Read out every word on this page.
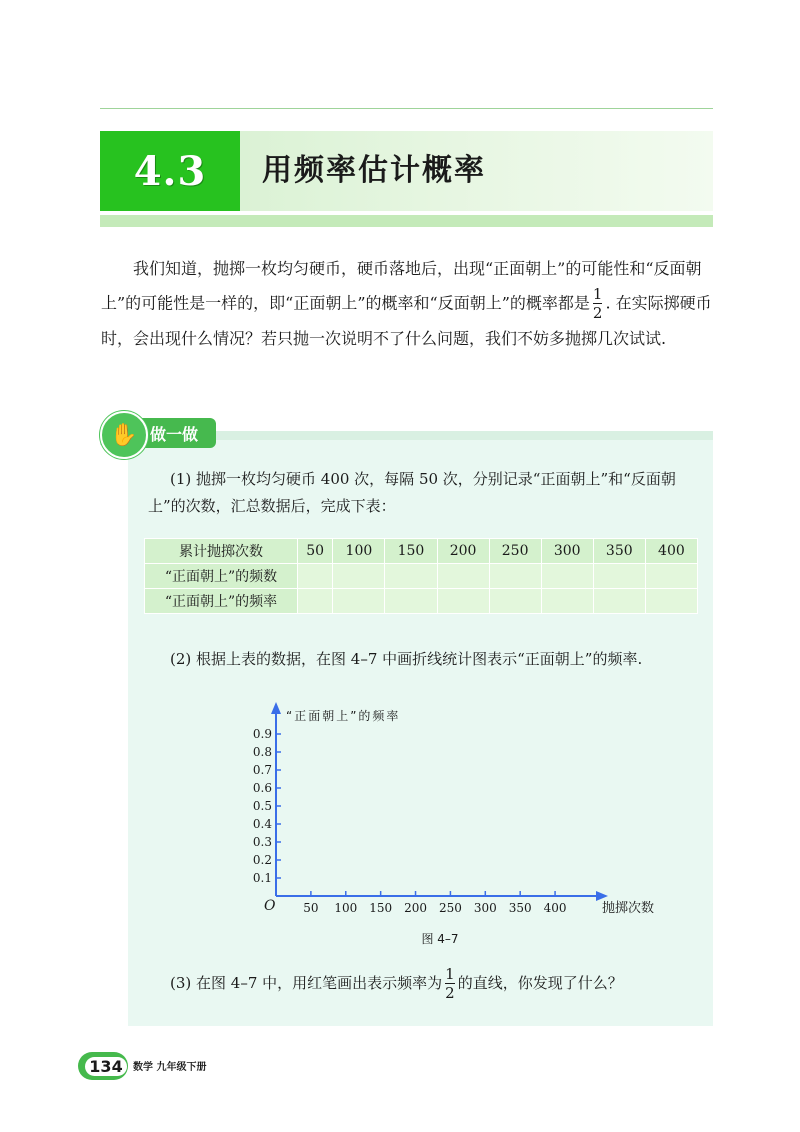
4.3	用频率估计概率
我们知道，抛掷一枚均匀硬币，硬币落地后，出现“正面朝上”的可能性和“反面朝上”的可能性是一样的，即“正面朝上”的概率和“反面朝上”的概率都是 $\frac{1}{2}$ . 在实际掷硬币时，会出现什么情况？若只抛一次说明不了什么问题，我们不妨多抛掷几次试试.
做一做
✋
(1) 抛掷一枚均匀硬币 400 次，每隔 50 次，分别记录“正面朝上”和“反面朝上”的次数，汇总数据后，完成下表：
累计抛掷次数	50	100	150	200	250	300	350	400
“正面朝上”的频数								
“正面朝上”的频率								
(2) 根据上表的数据，在图 4–7 中画折线统计图表示“正面朝上”的频率.
0.1
0.2
0.3
0.4
0.5
0.6
0.7
0.8
0.9
50 100 150 200 250 300 350 400
O
“正面朝上”的频率
抛掷次数
图 4–7
(3) 在图 4–7 中，用红笔画出表示频率为 $\frac{1}{2}$ 的直线，你发现了什么？
134	数学 九年级下册
